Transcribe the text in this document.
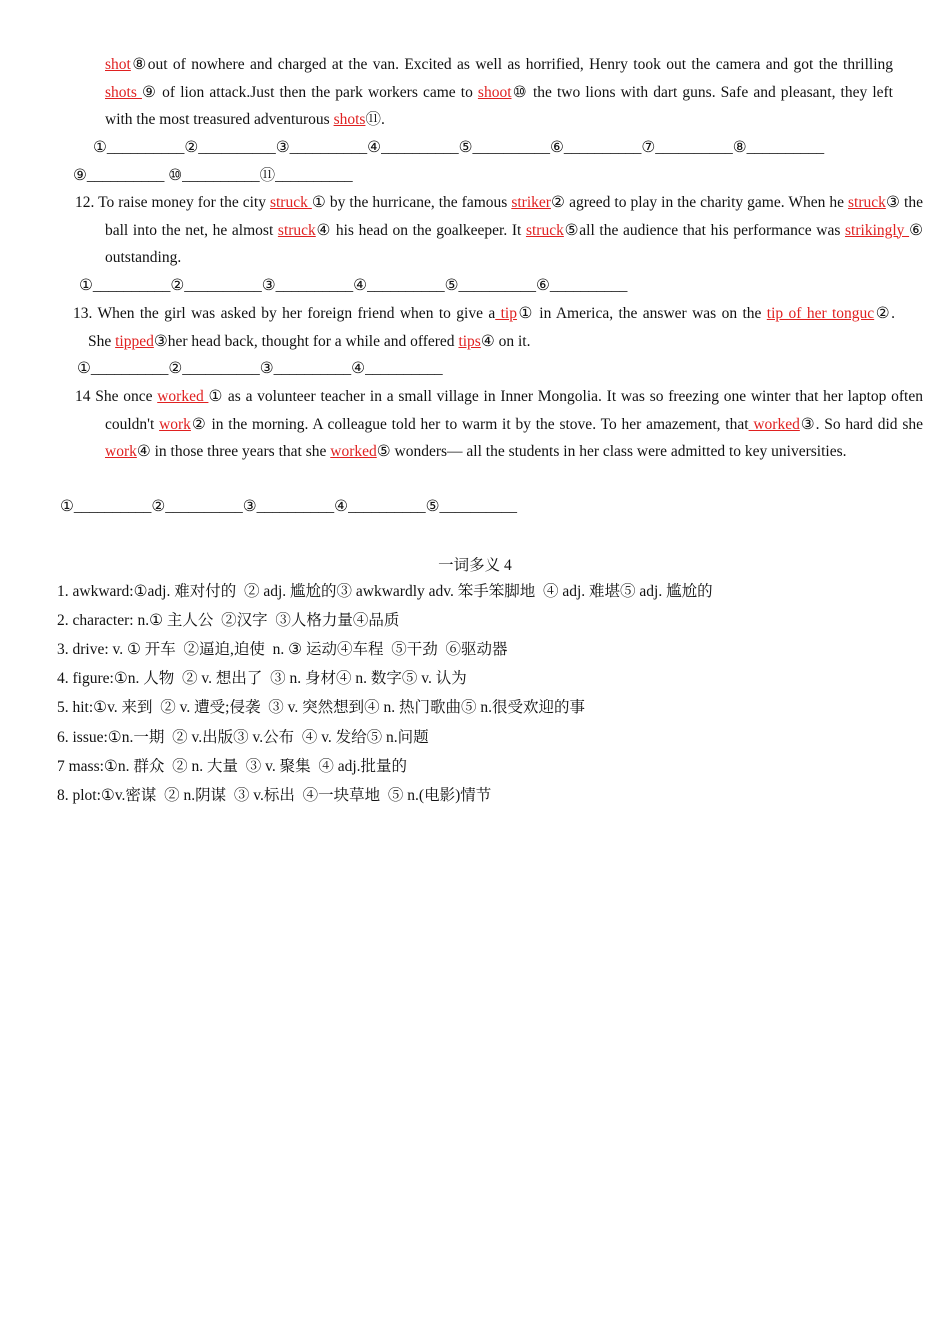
shot⑧out of nowhere and charged at the van. Excited as well as horrified, Henry took out the camera and got the thrilling shots ⑨ of lion attack.Just then the park workers came to shoot⑩ the two lions with dart guns. Safe and pleasant, they left with the most treasured adventurous shots⑪.
①__________②__________③__________④__________⑤__________⑥__________⑦__________⑧__________
⑨__________ ⑩__________⑪__________
12. To raise money for the city struck ① by the hurricane, the famous striker② agreed to play in the charity game. When he struck③ the ball into the net, he almost struck④ his head on the goalkeeper. It struck⑤all the audience that his performance was strikingly ⑥ outstanding.
①__________②__________③__________④__________⑤__________⑥__________
13. When the girl was asked by her foreign friend when to give a tip① in America, the answer was on the tip of her tonguc②.
She tipped③her head back, thought for a while and offered tips④ on it.
①__________②__________③__________④__________
14 She once worked ① as a volunteer teacher in a small village in Inner Mongolia. It was so freezing one winter that her laptop often couldn't work② in the morning. A colleague told her to warm it by the stove. To her amazement, that worked③. So hard did she work④ in those three years that she worked⑤ wonders— all the students in her class were admitted to key universities.
①__________②__________③__________④__________⑤__________
一词多义 4
1. awkward:①adj. 难对付的  ② adj. 尴尬的③ awkwardly adv. 笨手笨脚地  ④ adj. 难堪⑤ adj. 尴尬的
2. character: n.① 主人公  ②汉字  ③人格力量④品质
3. drive: v. ① 开车  ②逼迫,迫使  n. ③ 运动④车程  ⑤干劲  ⑥驱动器
4. figure:①n. 人物  ② v. 想出了  ③ n. 身材④ n. 数字⑤ v. 认为
5. hit:①v. 来到  ② v. 遭受;侵袭  ③ v. 突然想到④ n. 热门歌曲⑤ n.很受欢迎的事
6. issue:①n.一期  ② v.出版③ v.公布  ④ v. 发给⑤ n.问题
7 mass:①n. 群众  ② n. 大量  ③ v. 聚集  ④ adj.批量的
8. plot:①v.密谋  ② n.阴谋  ③ v.标出  ④一块草地  ⑤ n.(电影)情节
